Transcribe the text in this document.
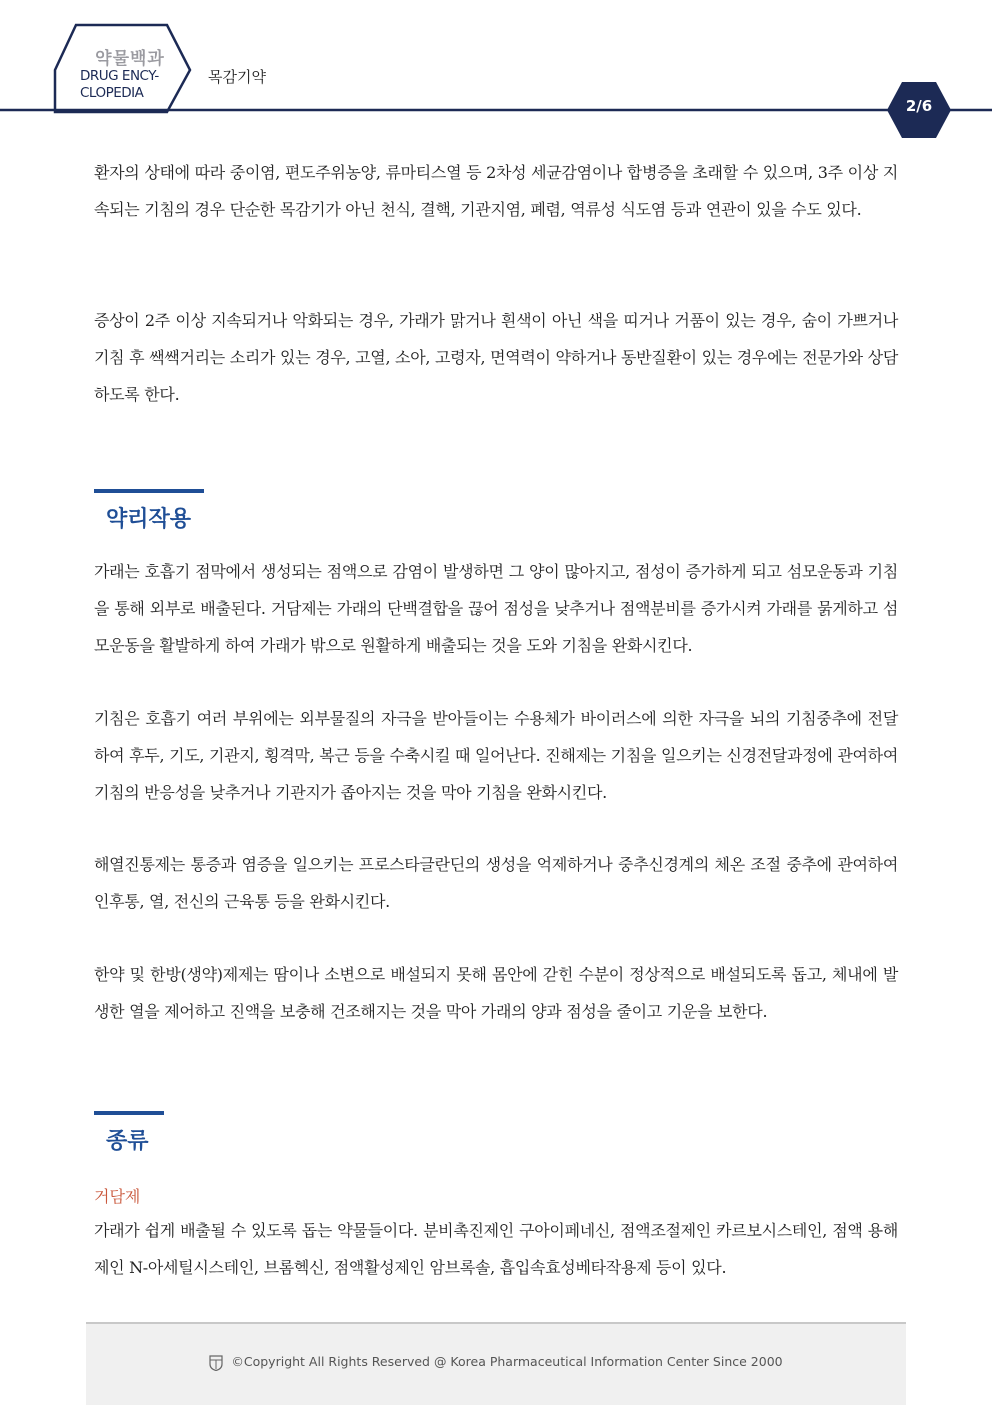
약물백과
DRUG ENCY-
CLOPEDIA
목감기약
2/6

환자의 상태에 따라 중이염, 편도주위농양, 류마티스열 등 2차성 세균감염이나 합병증을 초래할 수 있으며, 3주 이상 지속되는 기침의 경우 단순한 목감기가 아닌 천식, 결핵, 기관지염, 폐렴, 역류성 식도염 등과 연관이 있을 수도 있다.

증상이 2주 이상 지속되거나 악화되는 경우, 가래가 맑거나 흰색이 아닌 색을 띠거나 거품이 있는 경우, 숨이 가쁘거나 기침 후 쌕쌕거리는 소리가 있는 경우, 고열, 소아, 고령자, 면역력이 약하거나 동반질환이 있는 경우에는 전문가와 상담하도록 한다.

약리작용

가래는 호흡기 점막에서 생성되는 점액으로 감염이 발생하면 그 양이 많아지고, 점성이 증가하게 되고 섬모운동과 기침을 통해 외부로 배출된다. 거담제는 가래의 단백결합을 끊어 점성을 낮추거나 점액분비를 증가시켜 가래를 묽게하고 섬모운동을 활발하게 하여 가래가 밖으로 원활하게 배출되는 것을 도와 기침을 완화시킨다.

기침은 호흡기 여러 부위에는 외부물질의 자극을 받아들이는 수용체가 바이러스에 의한 자극을 뇌의 기침중추에 전달하여 후두, 기도, 기관지, 횡격막, 복근 등을 수축시킬 때 일어난다. 진해제는 기침을 일으키는 신경전달과정에 관여하여 기침의 반응성을 낮추거나 기관지가 좁아지는 것을 막아 기침을 완화시킨다.

해열진통제는 통증과 염증을 일으키는 프로스타글란딘의 생성을 억제하거나 중추신경계의 체온 조절 중추에 관여하여 인후통, 열, 전신의 근육통 등을 완화시킨다.

한약 및 한방(생약)제제는 땀이나 소변으로 배설되지 못해 몸안에 갇힌 수분이 정상적으로 배설되도록 돕고, 체내에 발생한 열을 제어하고 진액을 보충해 건조해지는 것을 막아 가래의 양과 점성을 줄이고 기운을 보한다.

종류

거담제

가래가 쉽게 배출될 수 있도록 돕는 약물들이다. 분비촉진제인 구아이페네신, 점액조절제인 카르보시스테인, 점액 용해제인 N-아세틸시스테인, 브롬헥신, 점액활성제인 암브록솔, 흡입속효성베타작용제 등이 있다.

©Copyright All Rights Reserved @ Korea Pharmaceutical Information Center Since 2000
